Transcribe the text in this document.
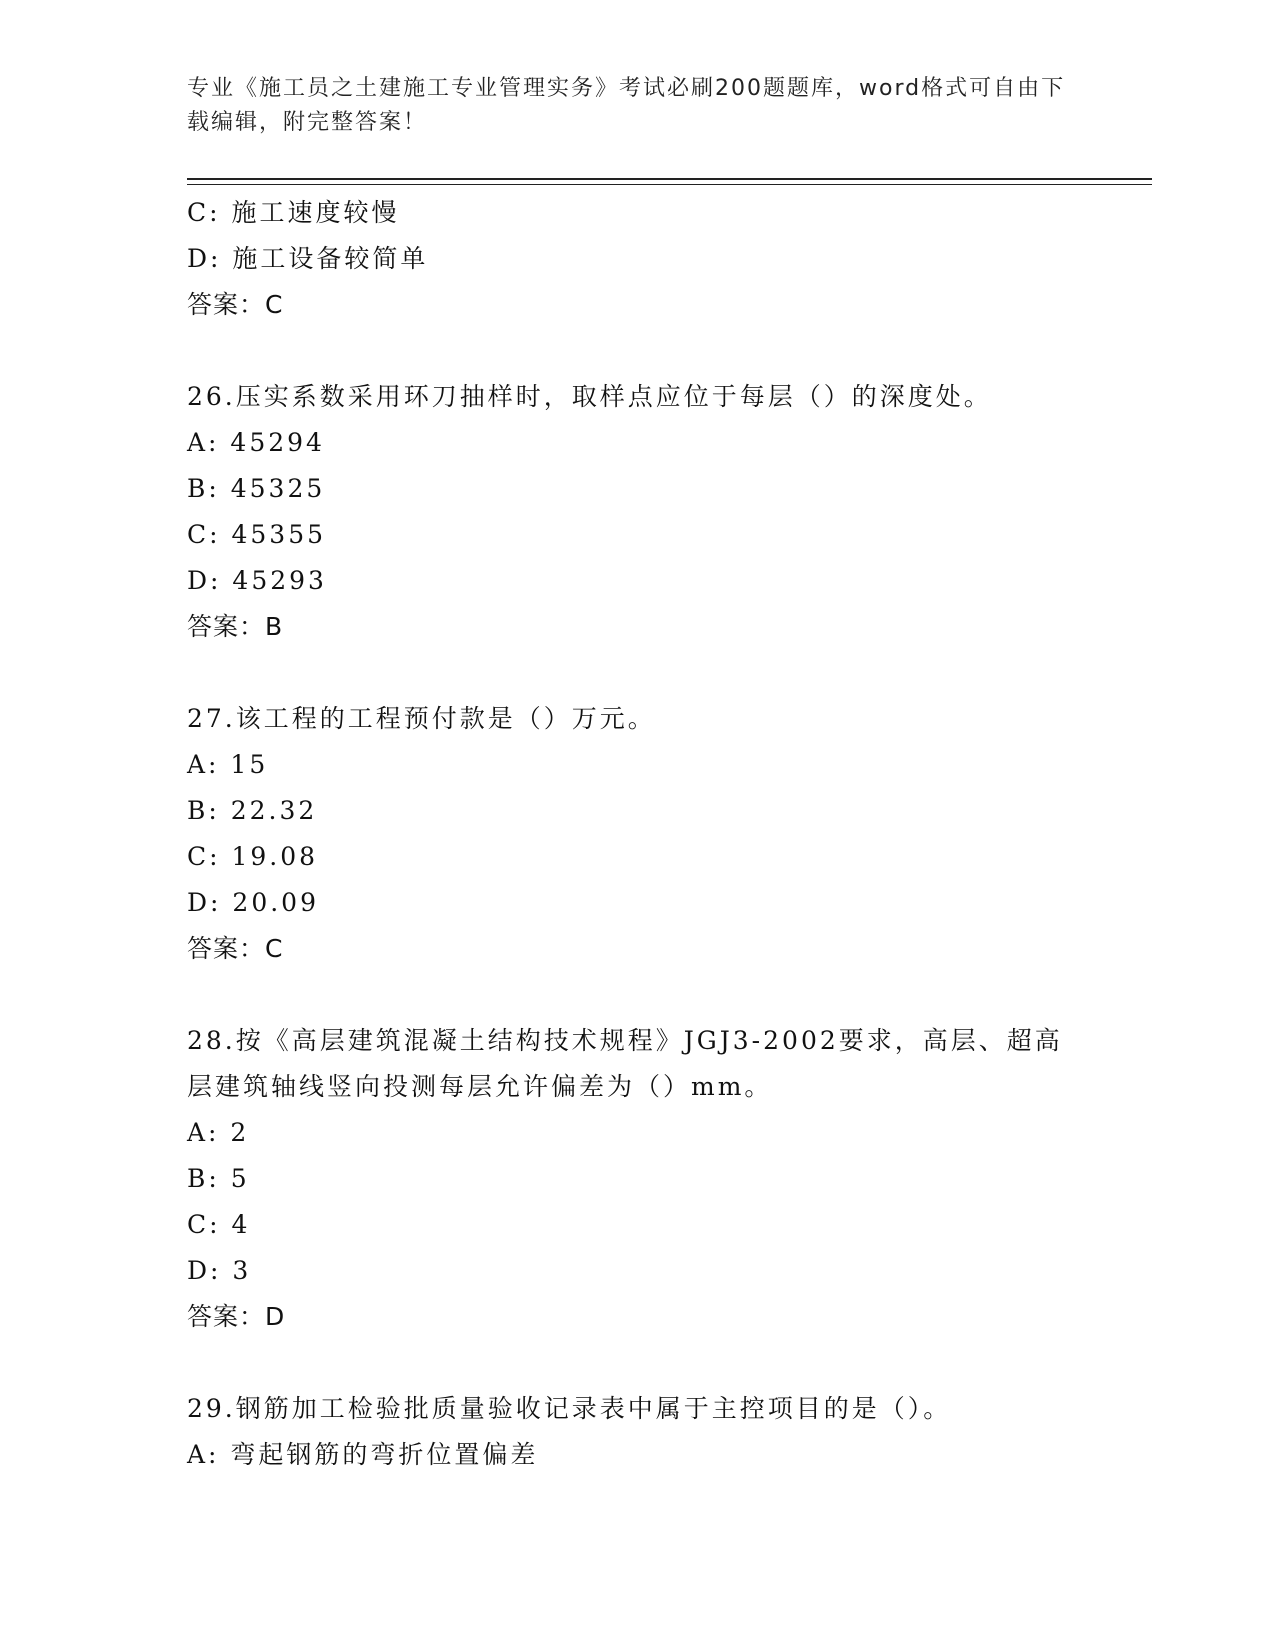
专业《施工员之土建施工专业管理实务》考试必刷200题题库，word格式可自由下载编辑，附完整答案！
C: 施工速度较慢
D: 施工设备较简单
答案：C
26.压实系数采用环刀抽样时，取样点应位于每层（）的深度处。
A: 45294
B: 45325
C: 45355
D: 45293
答案：B
27.该工程的工程预付款是（）万元。
A: 15
B: 22.32
C: 19.08
D: 20.09
答案：C
28.按《高层建筑混凝土结构技术规程》JGJ3-2002要求，高层、超高层建筑轴线竖向投测每层允许偏差为（）mm。
A: 2
B: 5
C: 4
D: 3
答案：D
29.钢筋加工检验批质量验收记录表中属于主控项目的是（）。
A: 弯起钢筋的弯折位置偏差
